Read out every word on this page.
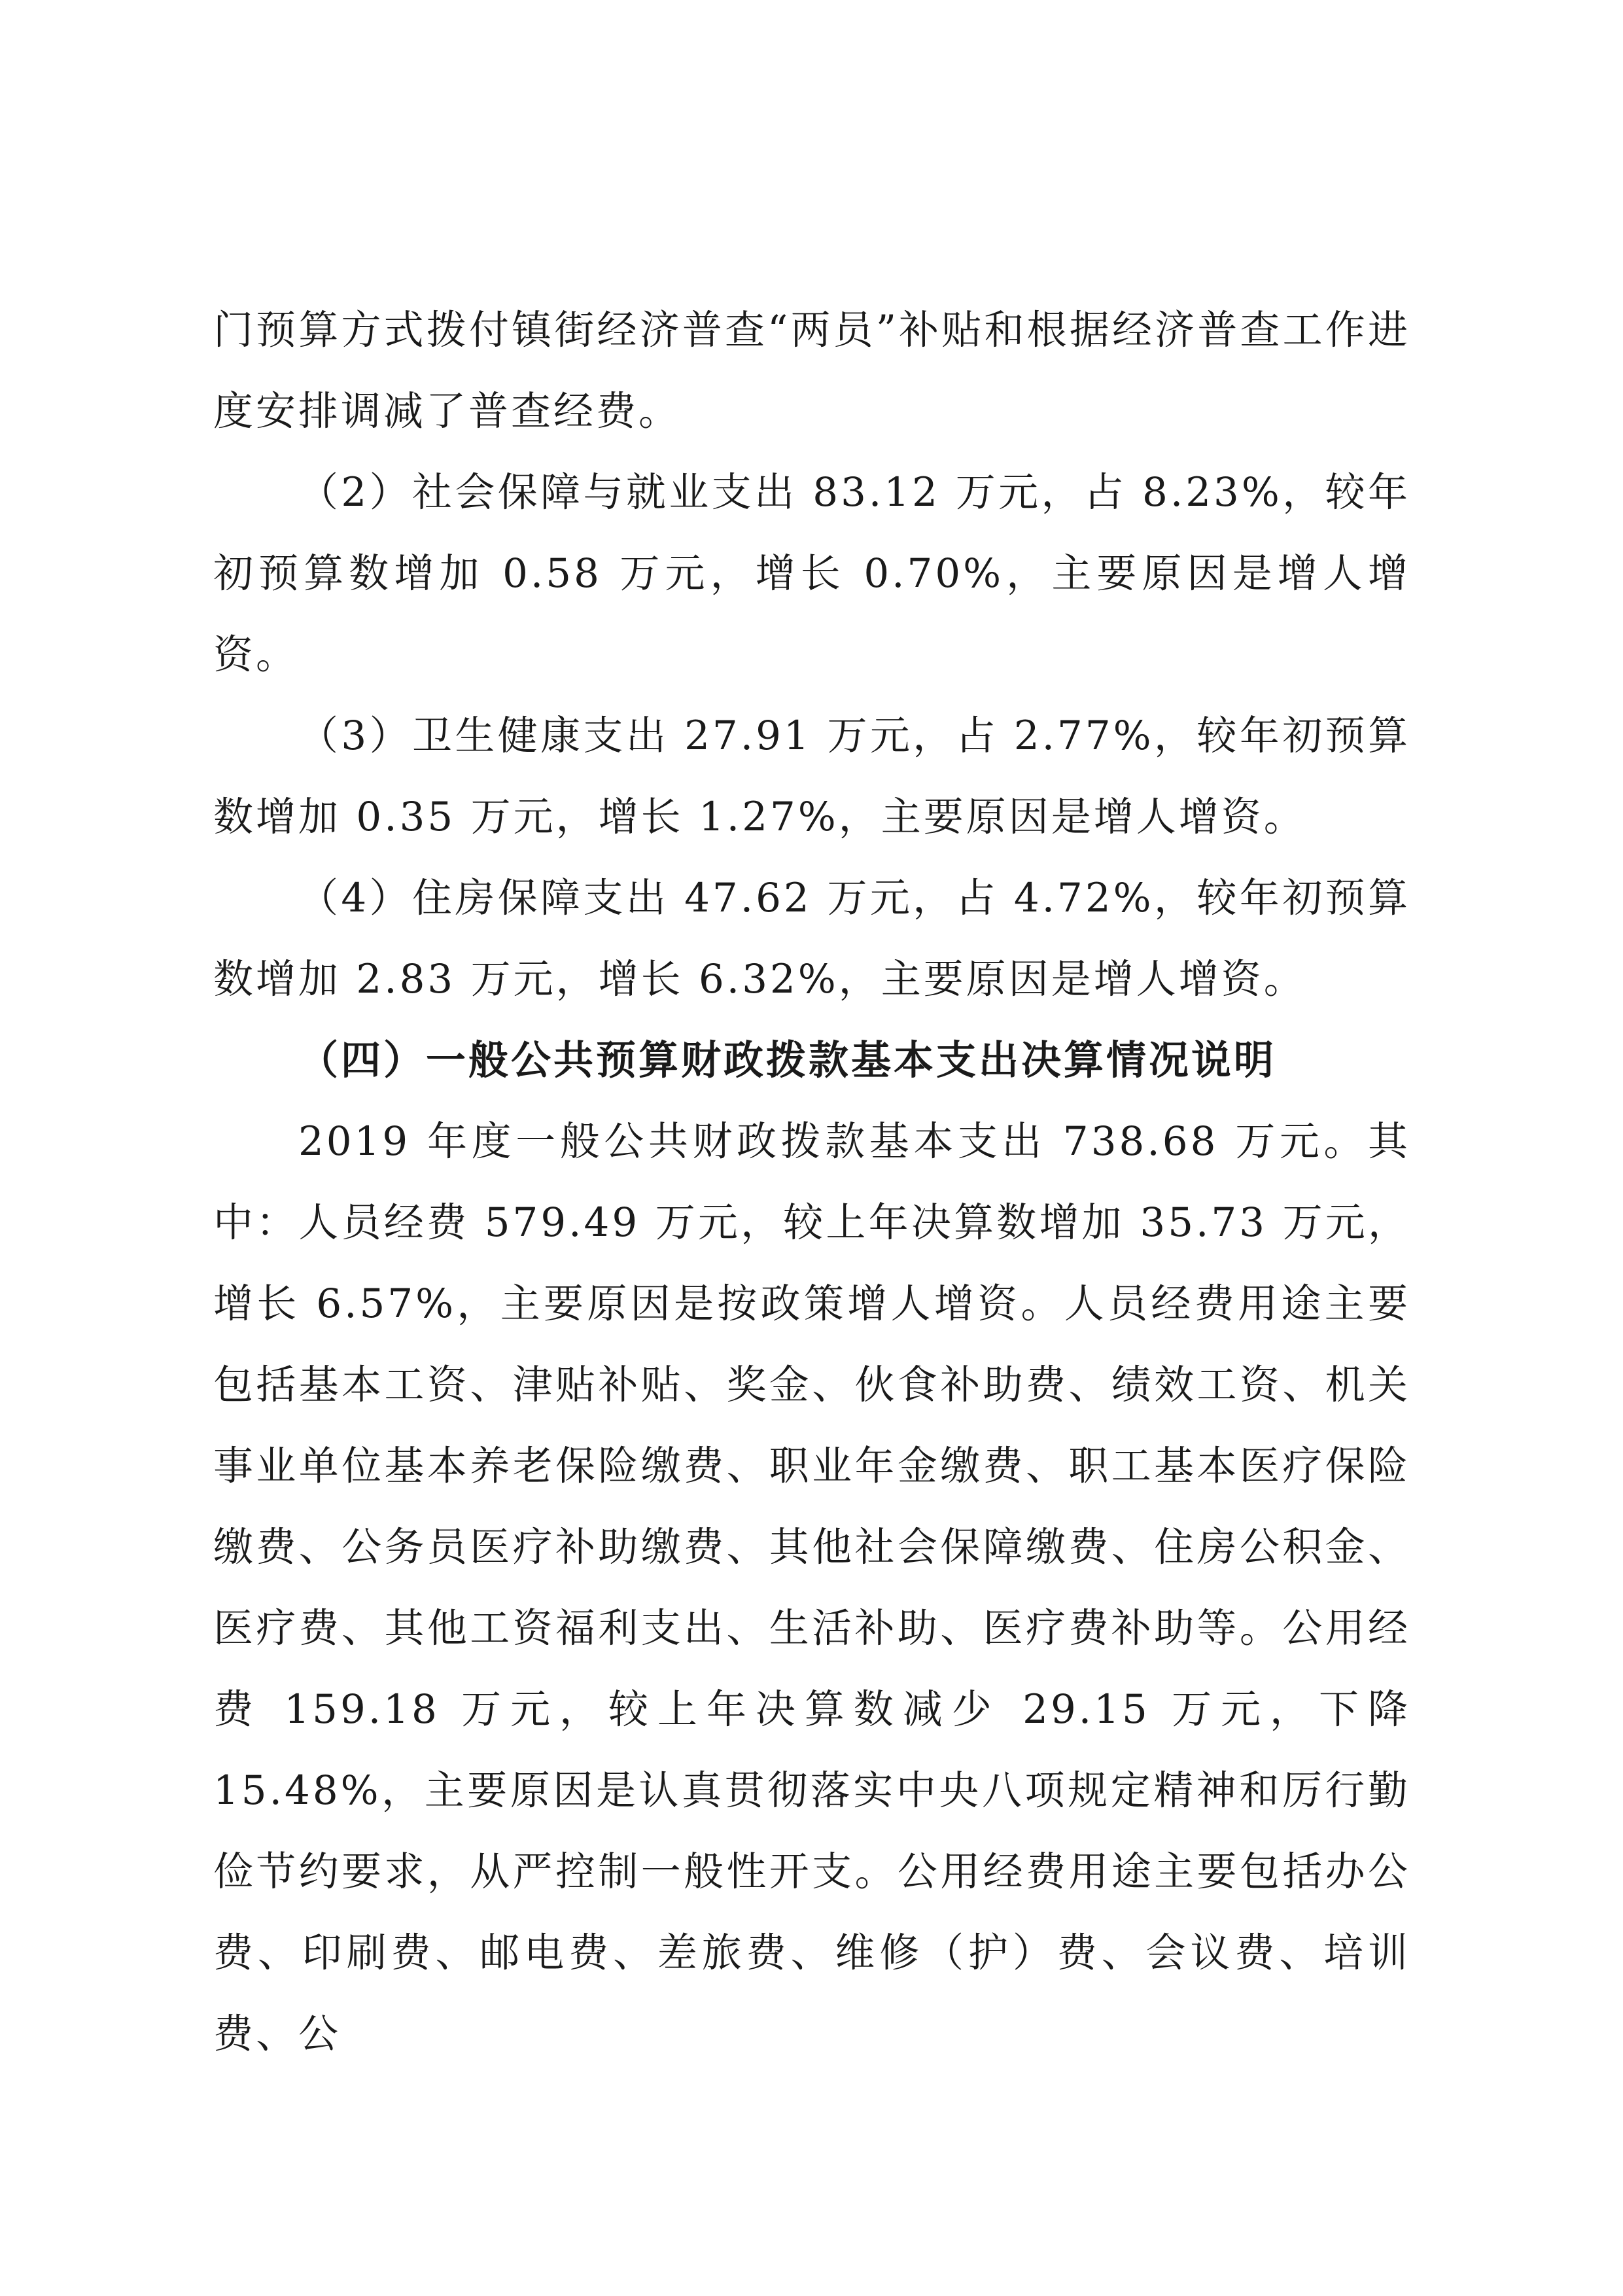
门预算方式拨付镇街经济普查“两员”补贴和根据经济普查工作进度安排调减了普查经费。

（2）社会保障与就业支出 83.12 万元，占 8.23%，较年初预算数增加 0.58 万元，增长 0.70%，主要原因是增人增资。

（3）卫生健康支出 27.91 万元，占 2.77%，较年初预算数增加 0.35 万元，增长 1.27%，主要原因是增人增资。

（4）住房保障支出 47.62 万元，占 4.72%，较年初预算数增加 2.83 万元，增长 6.32%，主要原因是增人增资。

（四）一般公共预算财政拨款基本支出决算情况说明

2019 年度一般公共财政拨款基本支出 738.68 万元。其中：人员经费 579.49 万元，较上年决算数增加 35.73 万元，增长 6.57%，主要原因是按政策增人增资。人员经费用途主要包括基本工资、津贴补贴、奖金、伙食补助费、绩效工资、机关事业单位基本养老保险缴费、职业年金缴费、职工基本医疗保险缴费、公务员医疗补助缴费、其他社会保障缴费、住房公积金、医疗费、其他工资福利支出、生活补助、医疗费补助等。公用经费 159.18 万元，较上年决算数减少 29.15 万元，下降 15.48%，主要原因是认真贯彻落实中央八项规定精神和厉行勤俭节约要求，从严控制一般性开支。公用经费用途主要包括办公费、印刷费、邮电费、差旅费、维修（护）费、会议费、培训费、公
